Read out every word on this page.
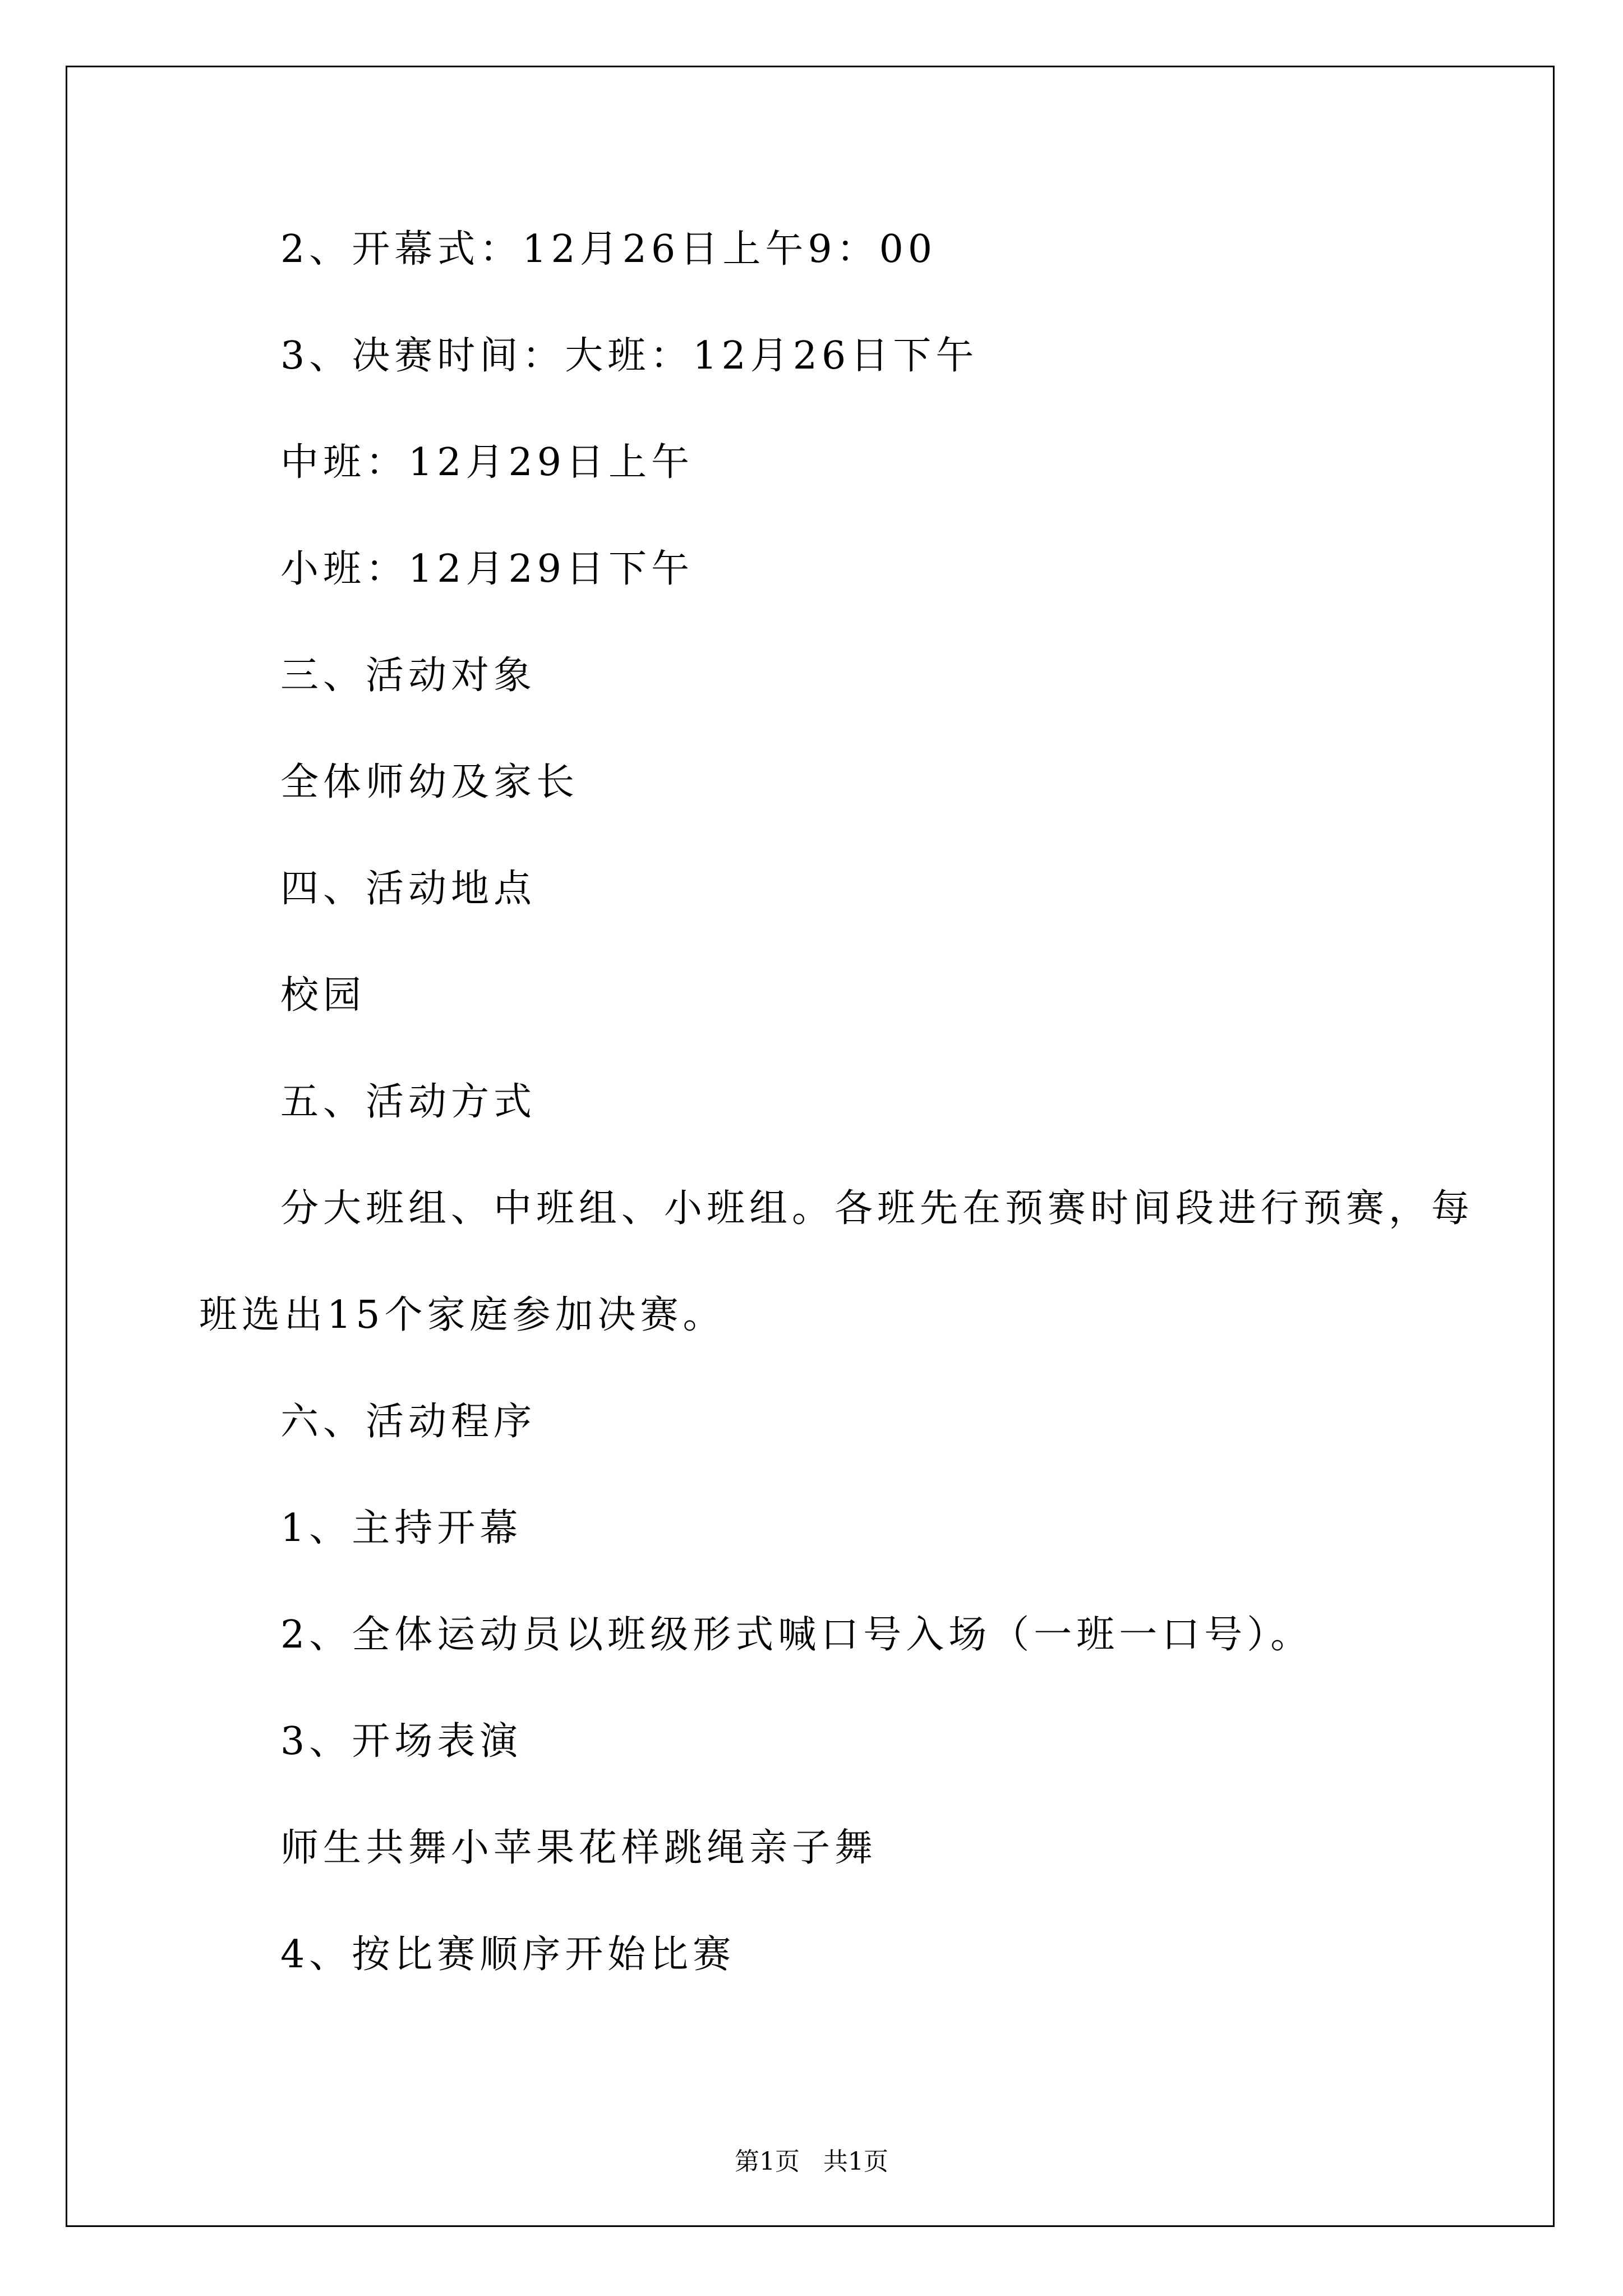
2、开幕式：12月26日上午9：00
3、决赛时间：大班：12月26日下午
中班：12月29日上午
小班：12月29日下午
三、活动对象
全体师幼及家长
四、活动地点
校园
五、活动方式
分大班组、中班组、小班组。各班先在预赛时间段进行预赛，每
班选出15个家庭参加决赛。
六、活动程序
1、主持开幕
2、全体运动员以班级形式喊口号入场（一班一口号）。
3、开场表演
师生共舞小苹果花样跳绳亲子舞
4、按比赛顺序开始比赛
第1页   共1页
